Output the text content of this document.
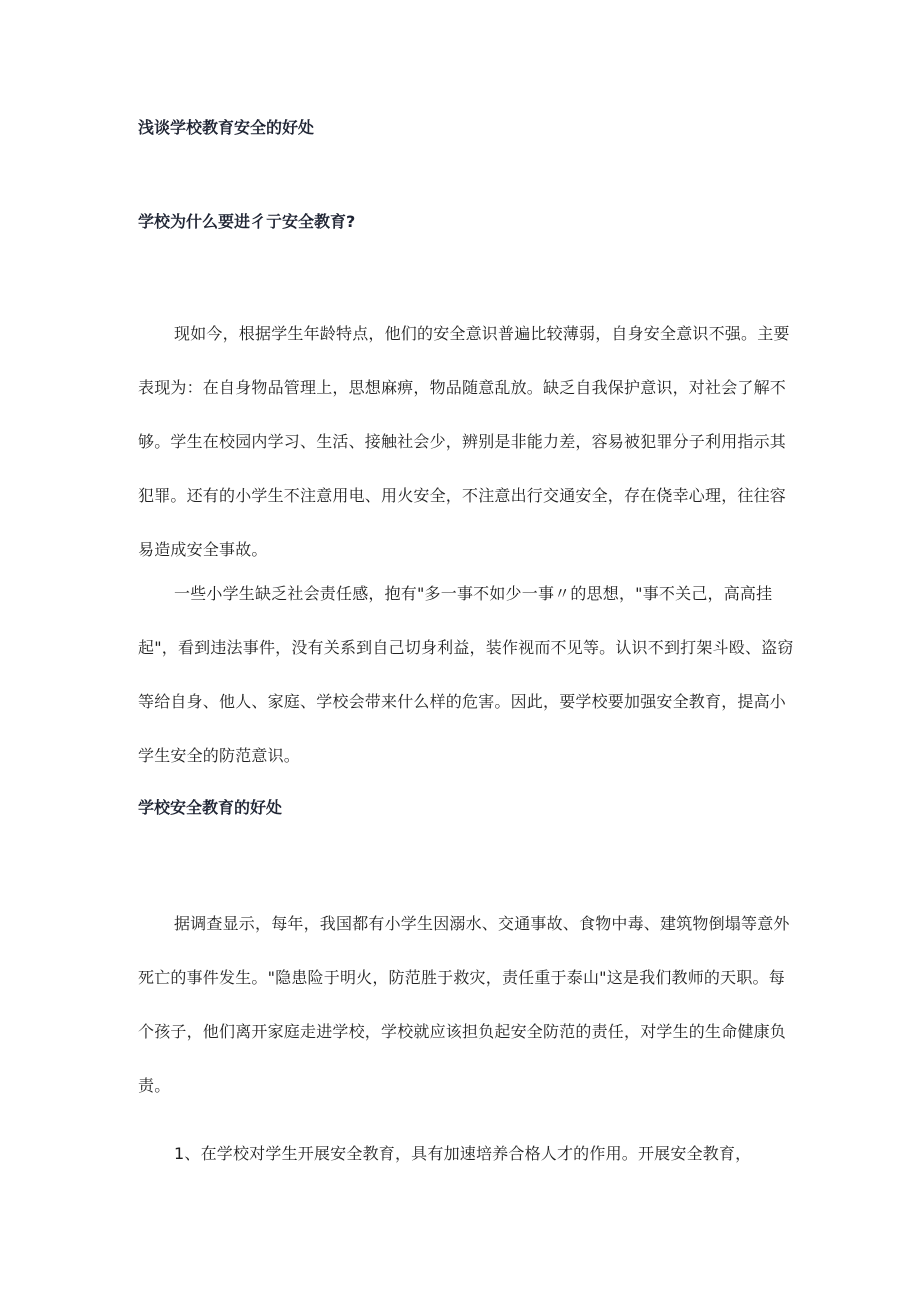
浅谈学校教育安全的好处
学校为什么要进彳亍安全教育?
现如今，根据学生年龄特点，他们的安全意识普遍比较薄弱，自身安全意识不强。主要表现为：在自身物品管理上，思想麻痹，物品随意乱放。缺乏自我保护意识，对社会了解不够。学生在校园内学习、生活、接触社会少，辨别是非能力差，容易被犯罪分子利用指示其犯罪。还有的小学生不注意用电、用火安全，不注意出行交通安全，存在侥幸心理，往往容易造成安全事故。
一些小学生缺乏社会责任感，抱有"多一事不如少一事〃的思想，"事不关己，高高挂起"，看到违法事件，没有关系到自己切身利益，装作视而不见等。认识不到打架斗殴、盗窃等给自身、他人、家庭、学校会带来什么样的危害。因此，要学校要加强安全教育，提高小学生安全的防范意识。
学校安全教育的好处
据调查显示，每年，我国都有小学生因溺水、交通事故、食物中毒、建筑物倒塌等意外死亡的事件发生。"隐患险于明火，防范胜于救灾，责任重于泰山"这是我们教师的天职。每个孩子，他们离开家庭走进学校，学校就应该担负起安全防范的责任，对学生的生命健康负责。
1、在学校对学生开展安全教育，具有加速培养合格人才的作用。开展安全教育，
